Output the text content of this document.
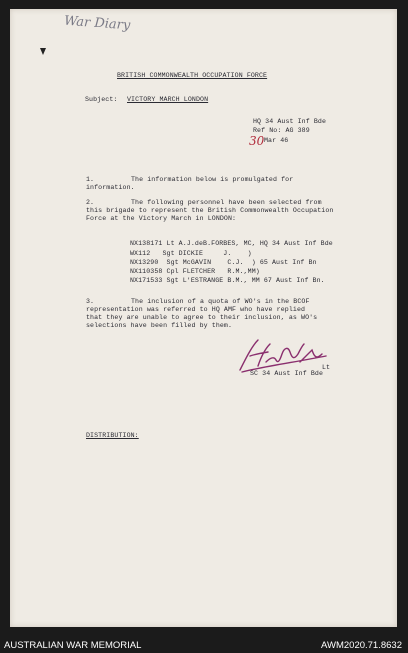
War Diary
BRITISH COMMONWEALTH OCCUPATION FORCE
Subject: VICTORY MARCH LONDON
HQ 34 Aust Inf Bde
Ref No: AG 389
30 Mar 46
1.	The information below is promulgated for
information.
2.	The following personnel have been selected from
this brigade to represent the British Commonwealth Occupation
Force at the Victory March in LONDON:
NX138171 Lt A.J.deB.FORBES, MC, HQ 34 Aust Inf Bde
WX112   Sgt DICKIE     J.    )
NX13290  Sgt McGAVIN    C.J.  ) 65 Aust Inf Bn
NX110358 Cpl FLETCHER   R.M.,MM)
NX171533 Sgt L'ESTRANGE B.M., MM 67 Aust Inf Bn.
3.	The inclusion of a quota of WO's in the BCOF
representation was referred to HQ AMF who have replied
that they are unable to agree to their inclusion, as WO's
selections have been filled by them.
Lt
SC 34 Aust Inf Bde
DISTRIBUTION:
AUSTRALIAN WAR MEMORIAL	AWM2020.71.8632
